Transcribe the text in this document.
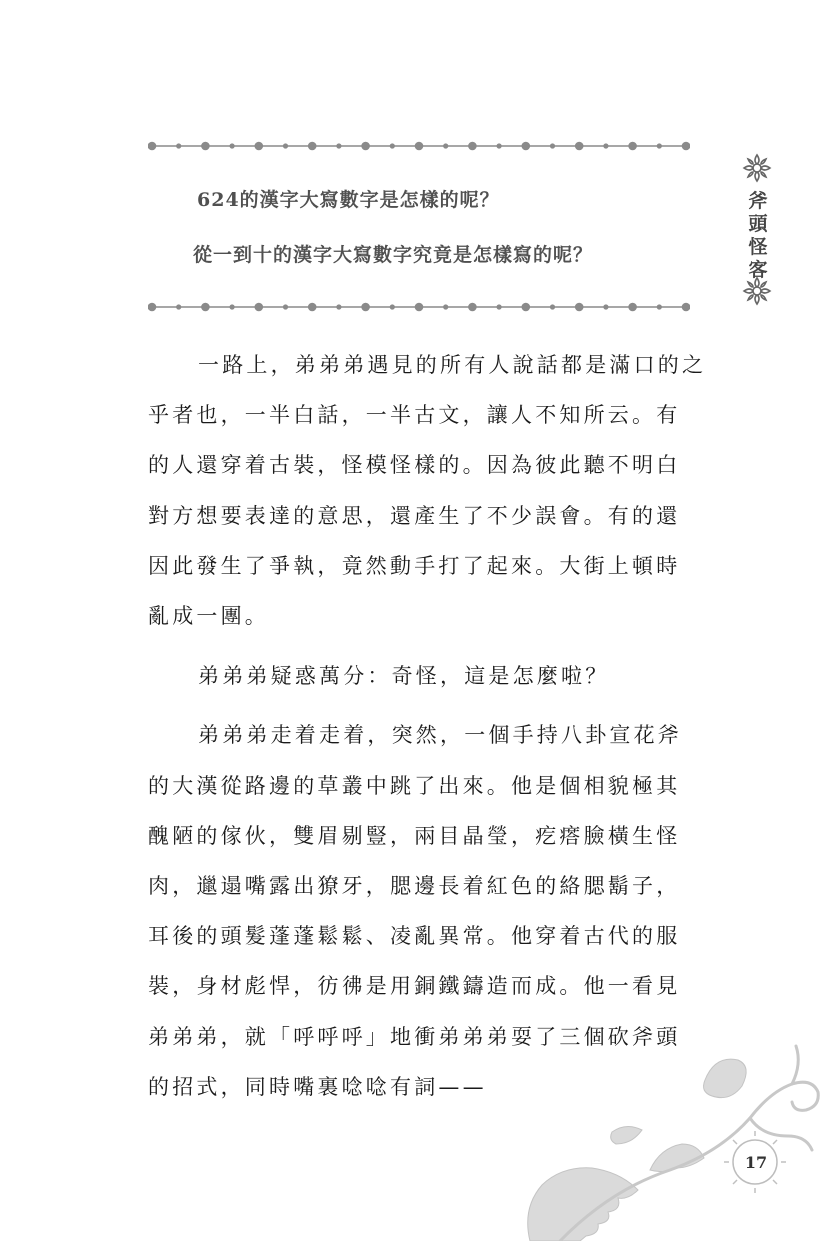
624的漢字大寫數字是怎樣的呢？
從一到十的漢字大寫數字究竟是怎樣寫的呢？
斧
頭
怪
客

一路上，弟弟弟遇見的所有人說話都是滿口的之
乎者也，一半白話，一半古文，讓人不知所云。有
的人還穿着古裝，怪模怪樣的。因為彼此聽不明白
對方想要表達的意思，還產生了不少誤會。有的還
因此發生了爭執，竟然動手打了起來。大街上頓時
亂成一團。

弟弟弟疑惑萬分：奇怪，這是怎麼啦？

弟弟弟走着走着，突然，一個手持八卦宣花斧
的大漢從路邊的草叢中跳了出來。他是個相貌極其
醜陋的傢伙，雙眉剔豎，兩目晶瑩，疙瘩臉橫生怪
肉，邋遢嘴露出獠牙，腮邊長着紅色的絡腮鬍子，
耳後的頭髮蓬蓬鬆鬆、凌亂異常。他穿着古代的服
裝，身材彪悍，彷彿是用銅鐵鑄造而成。他一看見
弟弟弟，就「呼呼呼」地衝弟弟弟耍了三個砍斧頭
的招式，同時嘴裏唸唸有詞——

17
